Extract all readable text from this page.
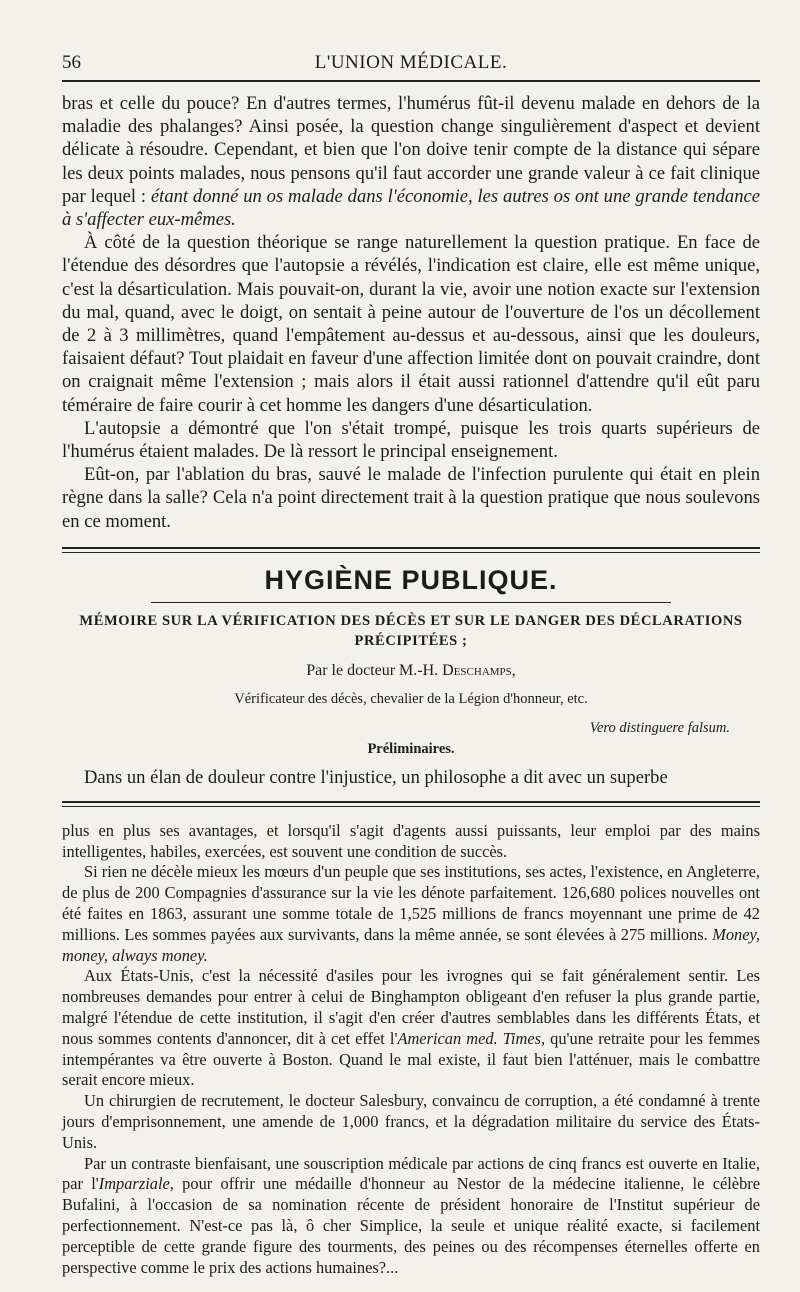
56	L'UNION MÉDICALE.

bras et celle du pouce? En d'autres termes, l'humérus fût-il devenu malade en dehors de la maladie des phalanges? Ainsi posée, la question change singulièrement d'aspect et devient délicate à résoudre. Cependant, et bien que l'on doive tenir compte de la distance qui sépare les deux points malades, nous pensons qu'il faut accorder une grande valeur à ce fait clinique par lequel : étant donné un os malade dans l'économie, les autres os ont une grande tendance à s'affecter eux-mêmes.

À côté de la question théorique se range naturellement la question pratique. En face de l'étendue des désordres que l'autopsie a révélés, l'indication est claire, elle est même unique, c'est la désarticulation. Mais pouvait-on, durant la vie, avoir une notion exacte sur l'extension du mal, quand, avec le doigt, on sentait à peine autour de l'ouverture de l'os un décollement de 2 à 3 millimètres, quand l'empâtement au-dessus et au-dessous, ainsi que les douleurs, faisaient défaut? Tout plaidait en faveur d'une affection limitée dont on pouvait craindre, dont on craignait même l'extension ; mais alors il était aussi rationnel d'attendre qu'il eût paru téméraire de faire courir à cet homme les dangers d'une désarticulation.

L'autopsie a démontré que l'on s'était trompé, puisque les trois quarts supérieurs de l'humérus étaient malades. De là ressort le principal enseignement.

Eût-on, par l'ablation du bras, sauvé le malade de l'infection purulente qui était en plein règne dans la salle? Cela n'a point directement trait à la question pratique que nous soulevons en ce moment.

HYGIÈNE PUBLIQUE.
MÉMOIRE SUR LA VÉRIFICATION DES DÉCÈS ET SUR LE DANGER DES DÉCLARATIONS PRÉCIPITÉES ;
Par le docteur M.-H. Deschamps,
Vérificateur des décès, chevalier de la Légion d'honneur, etc.
Vero distinguere falsum.
Préliminaires.
Dans un élan de douleur contre l'injustice, un philosophe a dit avec un superbe

plus en plus ses avantages, et lorsqu'il s'agit d'agents aussi puissants, leur emploi par des mains intelligentes, habiles, exercées, est souvent une condition de succès.

Si rien ne décèle mieux les mœurs d'un peuple que ses institutions, ses actes, l'existence, en Angleterre, de plus de 200 Compagnies d'assurance sur la vie les dénote parfaitement. 126,680 polices nouvelles ont été faites en 1863, assurant une somme totale de 1,525 millions de francs moyennant une prime de 42 millions. Les sommes payées aux survivants, dans la même année, se sont élevées à 275 millions. Money, money, always money.

Aux États-Unis, c'est la nécessité d'asiles pour les ivrognes qui se fait généralement sentir. Les nombreuses demandes pour entrer à celui de Binghampton obligeant d'en refuser la plus grande partie, malgré l'étendue de cette institution, il s'agit d'en créer d'autres semblables dans les différents États, et nous sommes contents d'annoncer, dit à cet effet l'American med. Times, qu'une retraite pour les femmes intempérantes va être ouverte à Boston. Quand le mal existe, il faut bien l'atténuer, mais le combattre serait encore mieux.

Un chirurgien de recrutement, le docteur Salesbury, convaincu de corruption, a été condamné à trente jours d'emprisonnement, une amende de 1,000 francs, et la dégradation militaire du service des États-Unis.

Par un contraste bienfaisant, une souscription médicale par actions de cinq francs est ouverte en Italie, par l'Imparziale, pour offrir une médaille d'honneur au Nestor de la médecine italienne, le célèbre Bufalini, à l'occasion de sa nomination récente de président honoraire de l'Institut supérieur de perfectionnement. N'est-ce pas là, ô cher Simplice, la seule et unique réalité exacte, si facilement perceptible de cette grande figure des tourments, des peines ou des récompenses éternelles offerte en perspective comme le prix des actions humaines?...
